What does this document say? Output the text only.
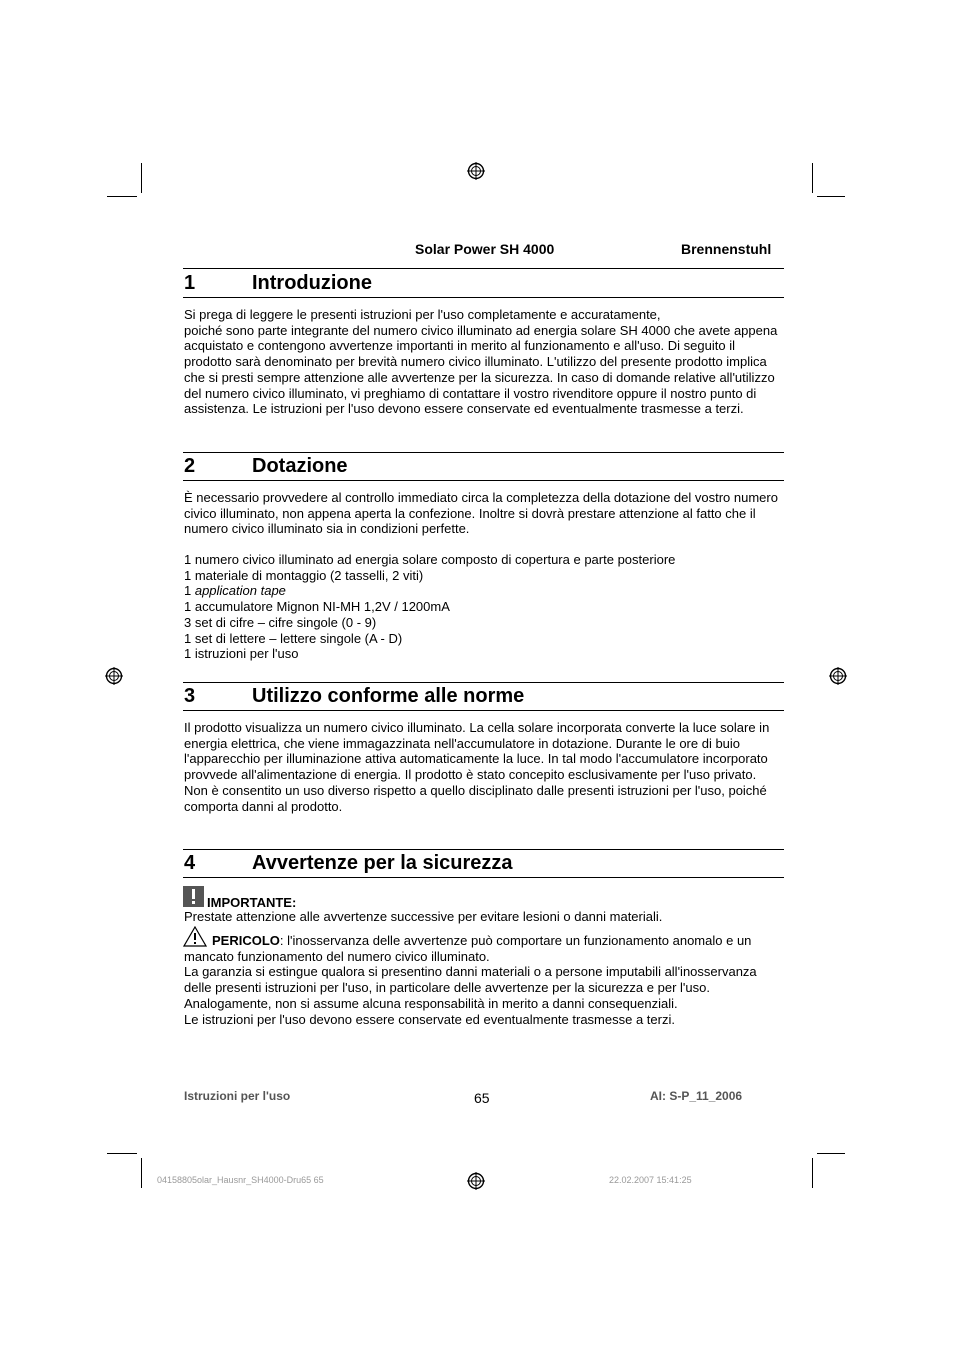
Solar Power SH 4000	Brennenstuhl
1	Introduzione

Si prega di leggere le presenti istruzioni per l'uso completamente e accuratamente,

poiché sono parte integrante del numero civico illuminato ad energia solare SH 4000 che avete appena acquistato e contengono avvertenze importanti in merito al funzionamento e all'uso. Di seguito il prodotto sarà denominato per brevità numero civico illuminato. L'utilizzo del presente prodotto implica che si presti sempre attenzione alle avvertenze per la sicurezza. In caso di domande relative all'utilizzo del numero civico illuminato, vi preghiamo di contattare il vostro rivenditore oppure il nostro punto di assistenza. Le istruzioni per l'uso devono essere conservate ed eventualmente trasmesse a terzi.

2	Dotazione

È necessario provvedere al controllo immediato circa la completezza della dotazione del vostro numero civico illuminato, non appena aperta la confezione. Inoltre si dovrà prestare attenzione al fatto che il numero civico illuminato sia in condizioni perfette.

1 numero civico illuminato ad energia solare composto di copertura e parte posteriore
1 materiale di montaggio (2 tasselli, 2 viti)
1 application tape
1 accumulatore Mignon NI-MH 1,2V / 1200mA
3 set di cifre – cifre singole (0 - 9)
1 set di lettere – lettere singole (A - D)
1 istruzioni per l'uso
3	Utilizzo conforme alle norme

Il prodotto visualizza un numero civico illuminato. La cella solare incorporata converte la luce solare in energia elettrica, che viene immagazzinata nell'accumulatore in dotazione. Durante le ore di buio l'apparecchio per illuminazione attiva automaticamente la luce. In tal modo l'accumulatore incorporato provvede all'alimentazione di energia. Il prodotto è stato concepito esclusivamente per l'uso privato.

Non è consentito un uso diverso rispetto a quello disciplinato dalle presenti istruzioni per l'uso, poiché comporta danni al prodotto.

4	Avvertenze per la sicurezza
IMPORTANTE:
Prestate attenzione alle avvertenze successive per evitare lesioni o danni materiali.

PERICOLO: l'inosservanza delle avvertenze può comportare un funzionamento anomalo e un mancato funzionamento del numero civico illuminato.

La garanzia si estingue qualora si presentino danni materiali o a persone imputabili all'inosservanza delle presenti istruzioni per l'uso, in particolare delle avvertenze per la sicurezza e per l'uso.

Analogamente, non si assume alcuna responsabilità in merito a danni consequenziali.

Le istruzioni per l'uso devono essere conservate ed eventualmente trasmesse a terzi.

Istruzioni per l'uso	65	AI: S-P_11_2006
04158805olar_Hausnr_SH4000-Dru65 65	22.02.2007 15:41:25
